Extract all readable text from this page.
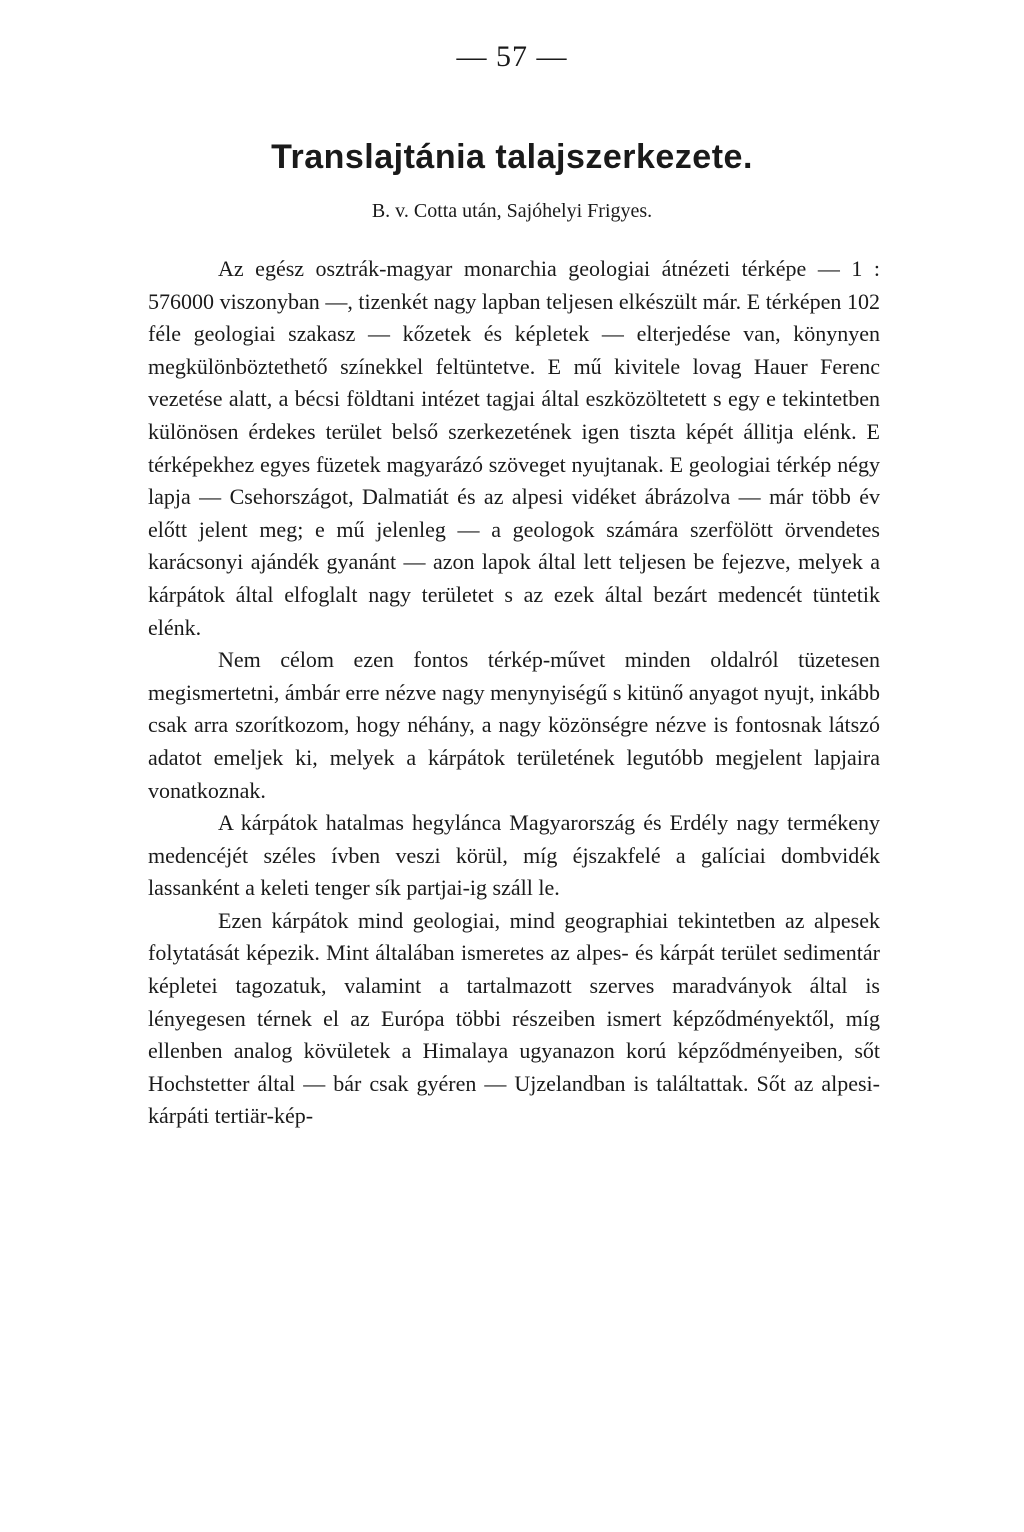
— 57 —
Translajtánia talajszerkezete.
B. v. Cotta után, Sajóhelyi Frigyes.

Az egész osztrák-magyar monarchia geologiai átnézeti térképe — 1 : 576000 viszonyban —, tizenkét nagy lapban teljesen elkészült már. E térképen 102 féle geologiai szakasz — kőzetek és képletek — elterjedése van, könynyen megkülönböztethető színekkel feltüntetve. E mű kivitele lovag Hauer Ferenc vezetése alatt, a bécsi földtani intézet tagjai által eszközöltetett s egy e tekintetben különösen érdekes terület belső szerkezetének igen tiszta képét állitja elénk. E térképekhez egyes füzetek magyarázó szöveget nyujtanak. E geologiai térkép négy lapja — Csehországot, Dalmatiát és az alpesi vidéket ábrázolva — már több év előtt jelent meg; e mű jelenleg — a geologok számára szerfölött örvendetes karácsonyi ajándék gyanánt — azon lapok által lett teljesen be fejezve, melyek a kárpátok által elfoglalt nagy területet s az ezek által bezárt medencét tüntetik elénk.

Nem célom ezen fontos térkép-művet minden oldalról tüzetesen megismertetni, ámbár erre nézve nagy menynyiségű s kitünő anyagot nyujt, inkább csak arra szorítkozom, hogy néhány, a nagy közönségre nézve is fontosnak látszó adatot emeljek ki, melyek a kárpátok területének legutóbb megjelent lapjaira vonatkoznak.

A kárpátok hatalmas hegylánca Magyarország és Erdély nagy termékeny medencéjét széles ívben veszi körül, míg éjszakfelé a galíciai dombvidék lassanként a keleti tenger sík partjai-ig száll le.

Ezen kárpátok mind geologiai, mind geographiai tekintetben az alpesek folytatását képezik. Mint általában ismeretes az alpes- és kárpát terület sedimentár képletei tagozatuk, valamint a tartalmazott szerves maradványok által is lényegesen térnek el az Európa többi részeiben ismert képződményektől, míg ellenben analog kövületek a Himalaya ugyanazon korú képződményeiben, sőt Hochstetter által — bár csak gyéren — Ujzelandban is találtattak. Sőt az alpesi-kárpáti tertiär-kép-
